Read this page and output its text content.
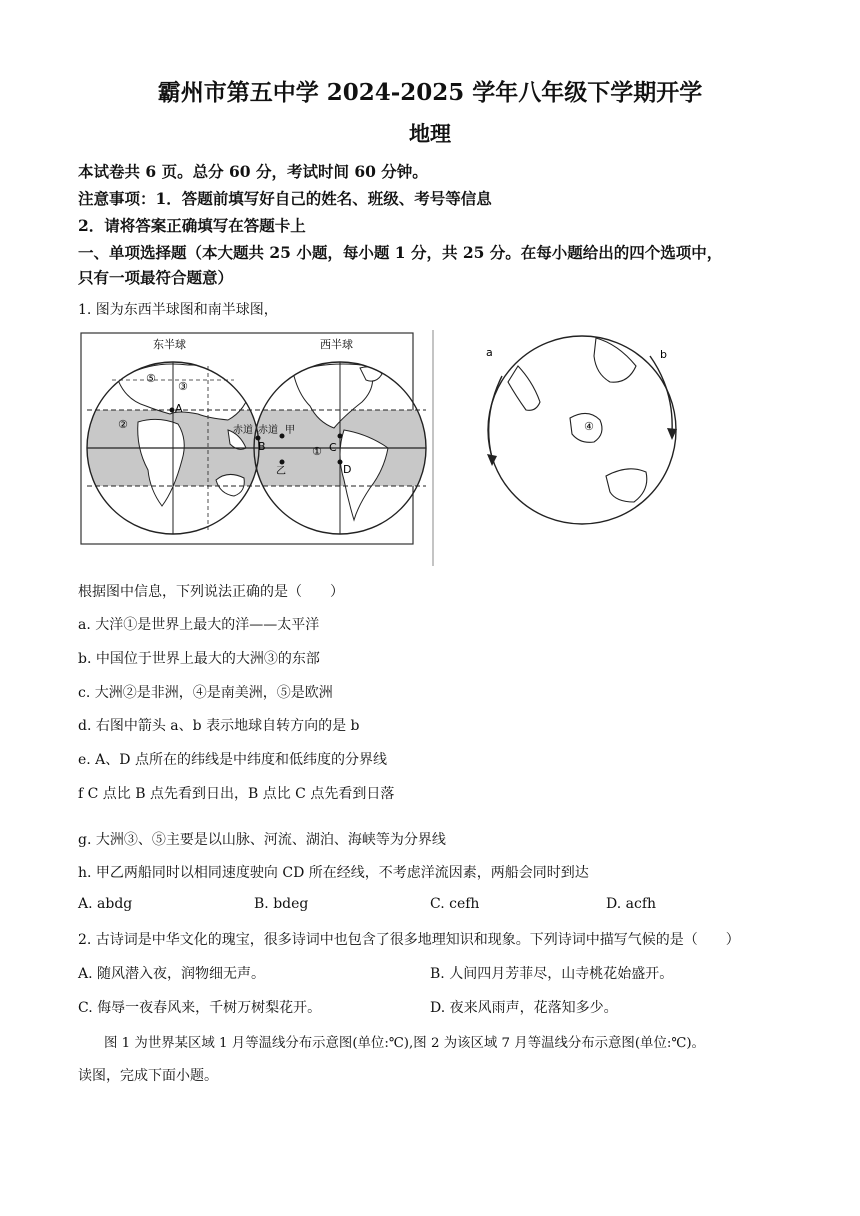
霸州市第五中学 2024-2025 学年八年级下学期开学
地理
本试卷共 6 页。总分 60 分，考试时间 60 分钟。
注意事项：1．答题前填写好自己的姓名、班级、考号等信息
2．请将答案正确填写在答题卡上
一、单项选择题（本大题共 25 小题，每小题 1 分，共 25 分。在每小题给出的四个选项中，
只有一项最符合题意）
1. 图为东西半球图和南半球图，
东半球	西半球
⑤
③
②
①
A
B	C
D
赤道 赤道 甲
乙
a	b
④
根据图中信息，下列说法正确的是（　　）
a. 大洋①是世界上最大的洋——太平洋
b. 中国位于世界上最大的大洲③的东部
c. 大洲②是非洲，④是南美洲，⑤是欧洲
d. 右图中箭头 a、b 表示地球自转方向的是 b
e. A、D 点所在的纬线是中纬度和低纬度的分界线
f C 点比 B 点先看到日出，B 点比 C 点先看到日落
g. 大洲③、⑤主要是以山脉、河流、湖泊、海峡等为分界线
h. 甲乙两船同时以相同速度驶向 CD 所在经线，不考虑洋流因素，两船会同时到达
A. abdg	B. bdeg	C. cefh	D. acfh
2. 古诗词是中华文化的瑰宝，很多诗词中也包含了很多地理知识和现象。下列诗词中描写气候的是（　　）
A. 随风潜入夜，润物细无声。	B. 人间四月芳菲尽，山寺桃花始盛开。
C. 侮辱一夜春风来，千树万树梨花开。	D. 夜来风雨声，花落知多少。
图 1 为世界某区域 1 月等温线分布示意图(单位:℃),图 2 为该区域 7 月等温线分布示意图(单位:℃)。
读图，完成下面小题。
